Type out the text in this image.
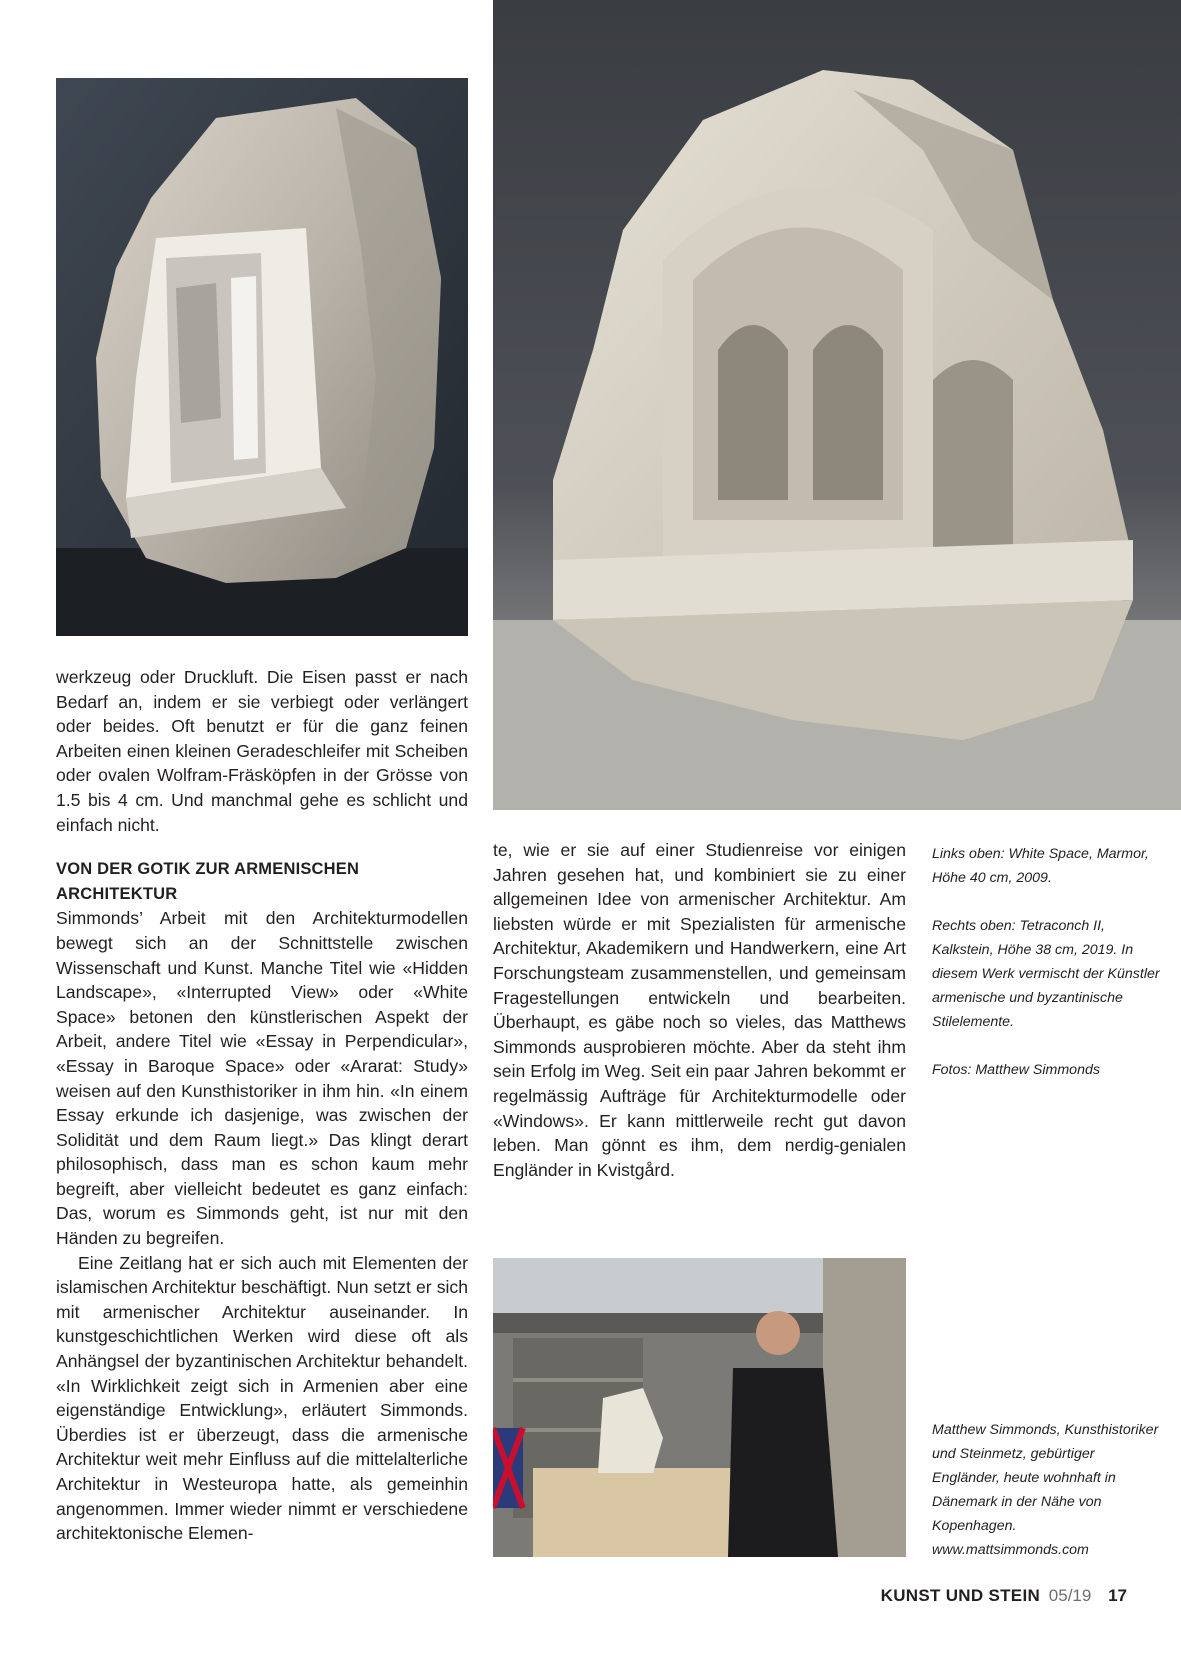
werkzeug oder Druckluft. Die Eisen passt er nach Bedarf an, indem er sie verbiegt oder verlängert oder beides. Oft benutzt er für die ganz feinen Arbeiten einen kleinen Geradeschleifer mit Scheiben oder ovalen Wolfram-Fräsköpfen in der Grösse von 1.5 bis 4 cm. Und manchmal gehe es schlicht und einfach nicht.

VON DER GOTIK ZUR ARMENISCHEN ARCHITEKTUR

Simmonds’ Arbeit mit den Architekturmodellen bewegt sich an der Schnittstelle zwischen Wissenschaft und Kunst. Manche Titel wie «Hidden Landscape», «Interrupted View» oder «White Space» betonen den künstlerischen Aspekt der Arbeit, andere Titel wie «Essay in Perpendicular», «Essay in Baroque Space» oder «Ararat: Study» weisen auf den Kunsthistoriker in ihm hin. «In einem Essay erkunde ich dasjenige, was zwischen der Solidität und dem Raum liegt.» Das klingt derart philosophisch, dass man es schon kaum mehr begreift, aber vielleicht bedeutet es ganz einfach: Das, worum es Simmonds geht, ist nur mit den Händen zu begreifen.

Eine Zeitlang hat er sich auch mit Elementen der islamischen Architektur beschäftigt. Nun setzt er sich mit armenischer Architektur auseinander. In kunstgeschichtlichen Werken wird diese oft als Anhängsel der byzantinischen Architektur behandelt. «In Wirklichkeit zeigt sich in Armenien aber eine eigenständige Entwicklung», erläutert Simmonds. Überdies ist er überzeugt, dass die armenische Architektur weit mehr Einfluss auf die mittelalterliche Architektur in Westeuropa hatte, als gemeinhin angenommen. Immer wieder nimmt er verschiedene architektonische Elemen-

te, wie er sie auf einer Studienreise vor einigen Jahren gesehen hat, und kombiniert sie zu einer allgemeinen Idee von armenischer Architektur. Am liebsten würde er mit Spezialisten für armenische Architektur, Akademikern und Handwerkern, eine Art Forschungsteam zusammenstellen, und gemeinsam Fragestellungen entwickeln und bearbeiten. Überhaupt, es gäbe noch so vieles, das Matthews Simmonds ausprobieren möchte. Aber da steht ihm sein Erfolg im Weg. Seit ein paar Jahren bekommt er regelmässig Aufträge für Architekturmodelle oder «Windows». Er kann mittlerweile recht gut davon leben. Man gönnt es ihm, dem nerdig-genialen Engländer in Kvistgård.

Links oben: White Space, Marmor, Höhe 40 cm, 2009.

Rechts oben: Tetraconch II, Kalkstein, Höhe 38 cm, 2019. In diesem Werk vermischt der Künstler armenische und byzantinische Stilelemente.

Fotos: Matthew Simmonds

Matthew Simmonds, Kunsthistoriker und Steinmetz, gebürtiger Engländer, heute wohnhaft in Dänemark in der Nähe von Kopenhagen. www.mattsimmonds.com

KUNST UND STEIN 05/19 17
